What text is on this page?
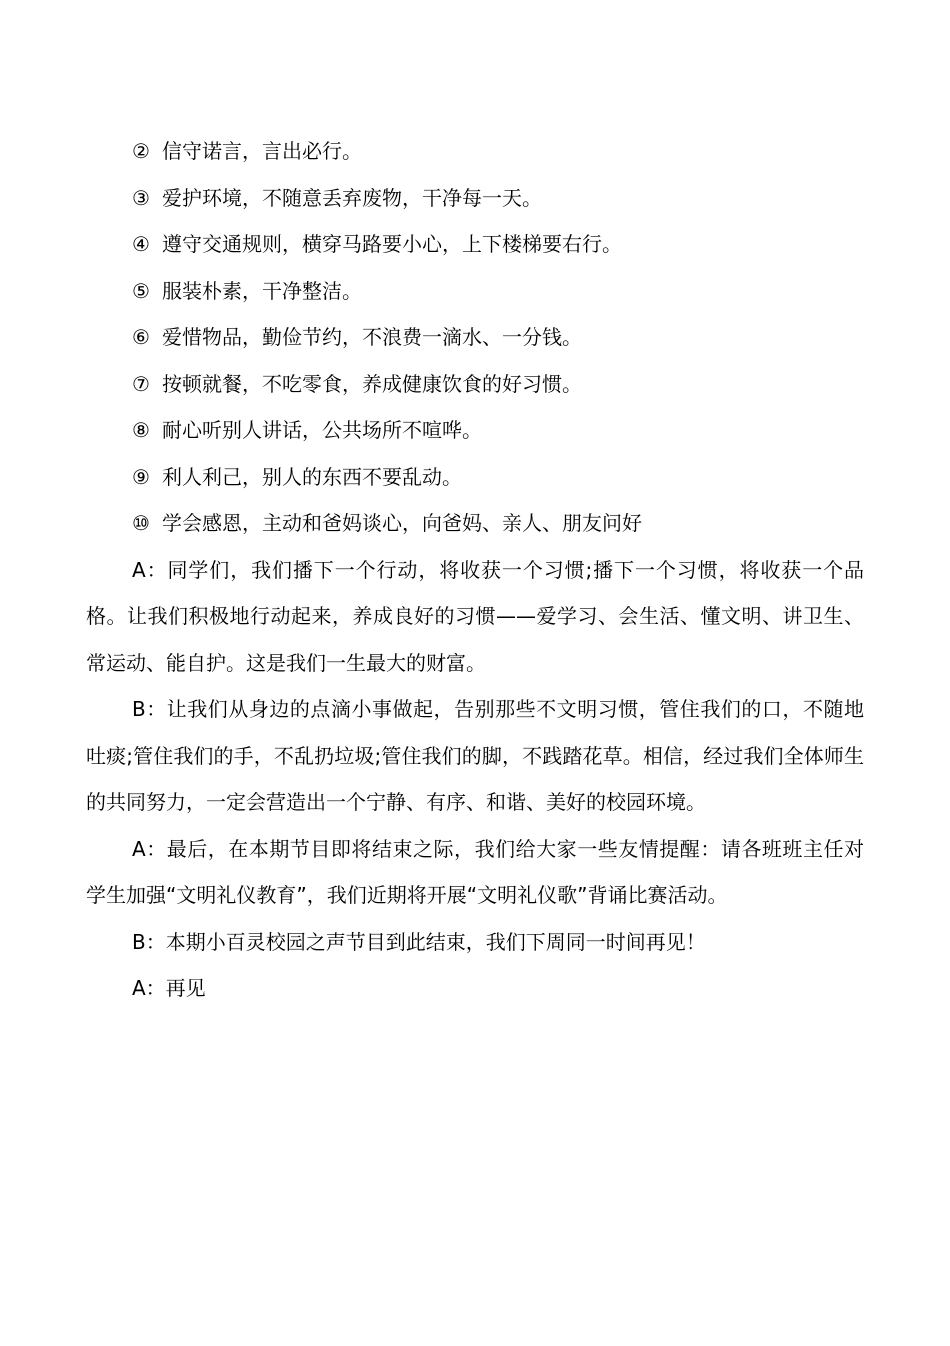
② 信守诺言，言出必行。

③ 爱护环境，不随意丢弃废物，干净每一天。

④ 遵守交通规则，横穿马路要小心，上下楼梯要右行。

⑤ 服装朴素，干净整洁。

⑥ 爱惜物品，勤俭节约，不浪费一滴水、一分钱。

⑦ 按顿就餐，不吃零食，养成健康饮食的好习惯。

⑧ 耐心听别人讲话，公共场所不喧哗。

⑨ 利人利己，别人的东西不要乱动。

⑩ 学会感恩，主动和爸妈谈心，向爸妈、亲人、朋友问好

A：同学们，我们播下一个行动，将收获一个习惯;播下一个习惯，将收获一个品格。让我们积极地行动起来，养成良好的习惯——爱学习、会生活、懂文明、讲卫生、常运动、能自护。这是我们一生最大的财富。

B：让我们从身边的点滴小事做起，告别那些不文明习惯，管住我们的口，不随地吐痰;管住我们的手，不乱扔垃圾;管住我们的脚，不践踏花草。相信，经过我们全体师生的共同努力，一定会营造出一个宁静、有序、和谐、美好的校园环境。

A：最后，在本期节目即将结束之际，我们给大家一些友情提醒：请各班班主任对学生加强“文明礼仪教育”，我们近期将开展“文明礼仪歌”背诵比赛活动。

B：本期小百灵校园之声节目到此结束，我们下周同一时间再见！

A：再见
